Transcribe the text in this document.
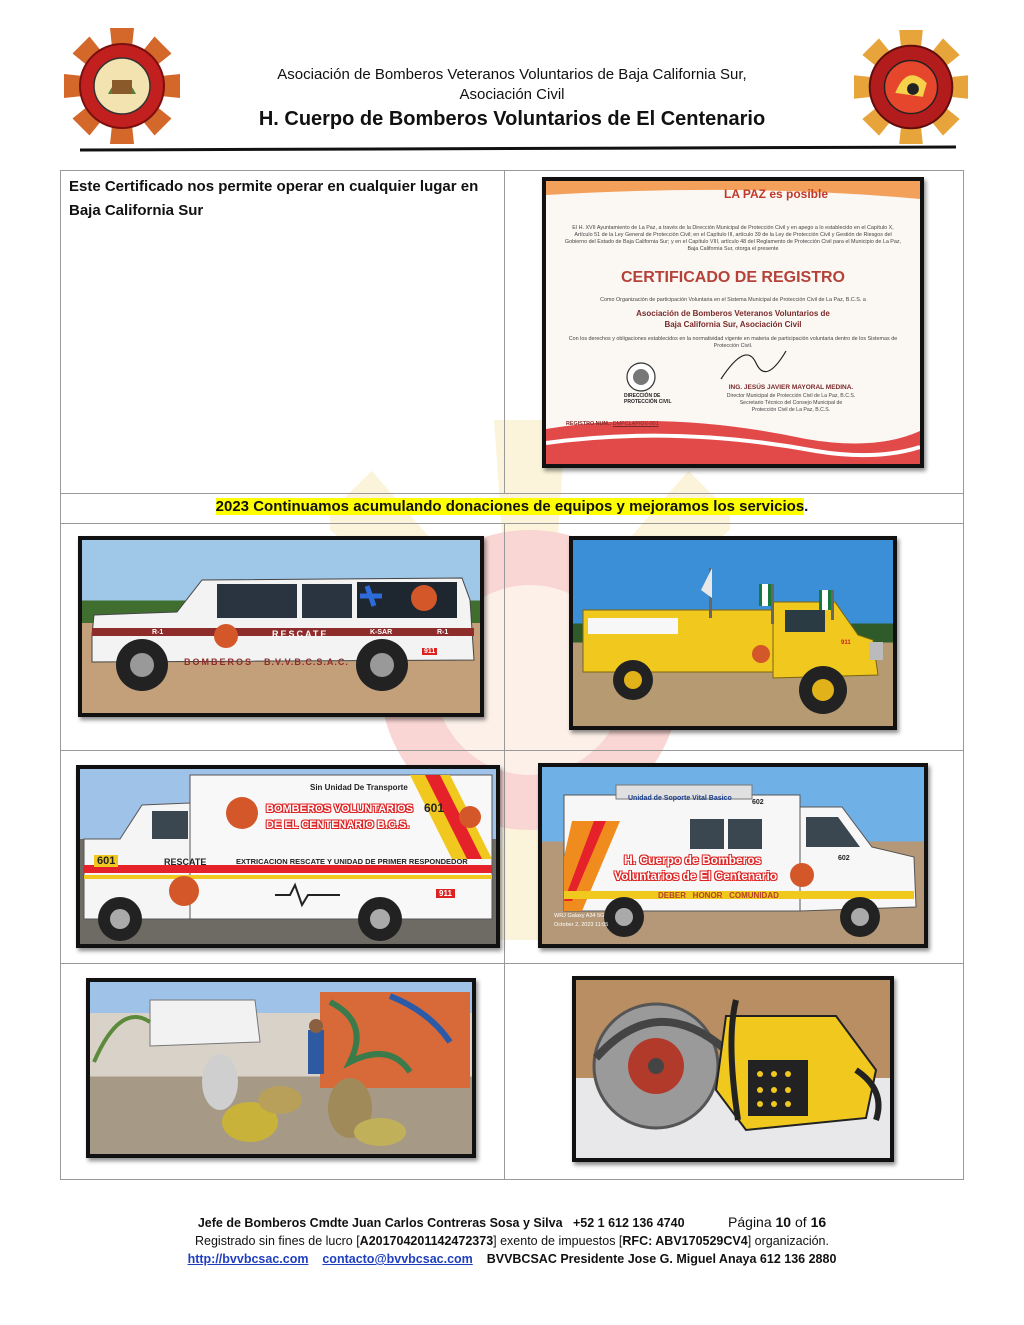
Asociación de Bomberos Veteranos Voluntarios de Baja California Sur,
Asociación Civil
H. Cuerpo de Bomberos Voluntarios de El Centenario
Este Certificado nos permite operar en cualquier lugar en Baja California Sur	

2023 Continuamos acumulando donaciones de equipos y mejoramos los servicios.	

LA PAZ es posible
El H. XVII Ayuntamiento de La Paz, a través de la Dirección Municipal de Protección Civil y en apego a lo establecido en el Capítulo X, Artículo 51 de la Ley General de Protección Civil; en el Capítulo III, artículo 39 de la Ley de Protección Civil y Gestión de Riesgos del Gobierno del Estado de Baja California Sur; y en el Capítulo VIII, artículo 48 del Reglamento de Protección Civil para el Municipio de La Paz, Baja California Sur, otorga el presente
CERTIFICADO DE REGISTRO
Como Organización de participación Voluntaria en el Sistema Municipal de Protección Civil de La Paz, B.C.S. a
Asociación de Bomberos Veteranos Voluntarios de
Baja California Sur, Asociación Civil
Con los derechos y obligaciones establecidos en la normatividad vigente en materia de participación voluntaria dentro de los Sistemas de Protección Civil.
DIRECCIÓN DE PROTECCIÓN CIVIL
ING. JESÚS JAVIER MAYORAL MEDINA.
Director Municipal de Protección Civil de La Paz, B.C.S.
Secretario Técnico del Consejo Municipal de
Protección Civil de La Paz, B.C.S.
REGISTRO NUM.: DMPCLAP/GV-001
R-1	RESCATE	K-SAR	R-1
BOMBEROS B.V.V.B.C.S.A.C.
911
911
Sin Unidad De Transporte
BOMBEROS VOLUNTARIOS
DE EL CENTENARIO B.C.S.
601
601	RESCATE	EXTRICACION RESCATE Y UNIDAD DE PRIMER RESPONDEDOR
911
Unidad de Soporte Vital Basico
602
602
H. Cuerpo de Bomberos
Voluntarios de El Centenario
DEBER   HONOR   COMUNIDAD
WRJ Galaxy A34 5G
October 2, 2023 11:05
Jefe de Bomberos Cmdte Juan Carlos Contreras Sosa y Silva   +52 1 612 136 4740	Página 10 of 16
Registrado sin fines de lucro [A201704201142472373] exento de impuestos [RFC: ABV170529CV4] organización.
http://bvvbcsac.com contacto@bvvbcsac.com BVVBCSAC Presidente Jose G. Miguel Anaya 612 136 2880
